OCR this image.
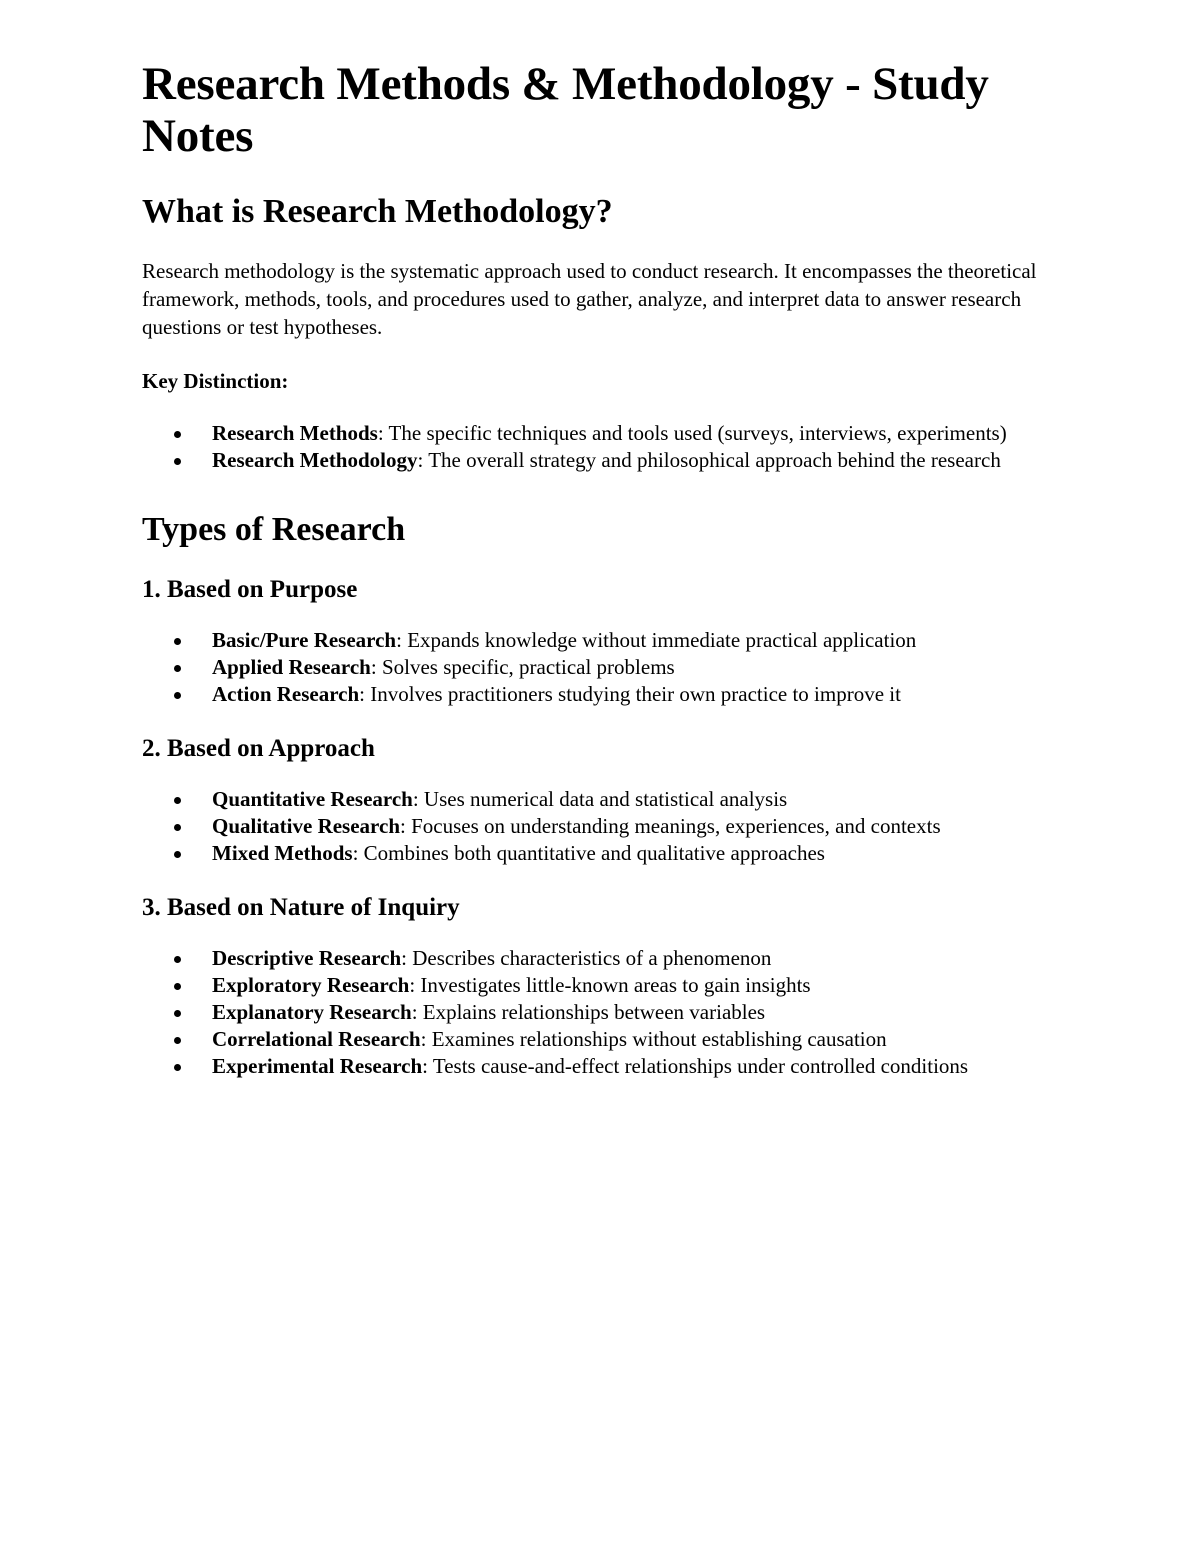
Research Methods & Methodology - Study Notes
What is Research Methodology?

Research methodology is the systematic approach used to conduct research. It encompasses the theoretical framework, methods, tools, and procedures used to gather, analyze, and interpret data to answer research questions or test hypotheses.

Key Distinction:

Research Methods: The specific techniques and tools used (surveys, interviews, experiments)
Research Methodology: The overall strategy and philosophical approach behind the research
Types of Research
1. Based on Purpose
Basic/Pure Research: Expands knowledge without immediate practical application
Applied Research: Solves specific, practical problems
Action Research: Involves practitioners studying their own practice to improve it
2. Based on Approach
Quantitative Research: Uses numerical data and statistical analysis
Qualitative Research: Focuses on understanding meanings, experiences, and contexts
Mixed Methods: Combines both quantitative and qualitative approaches
3. Based on Nature of Inquiry
Descriptive Research: Describes characteristics of a phenomenon
Exploratory Research: Investigates little-known areas to gain insights
Explanatory Research: Explains relationships between variables
Correlational Research: Examines relationships without establishing causation
Experimental Research: Tests cause-and-effect relationships under controlled conditions
